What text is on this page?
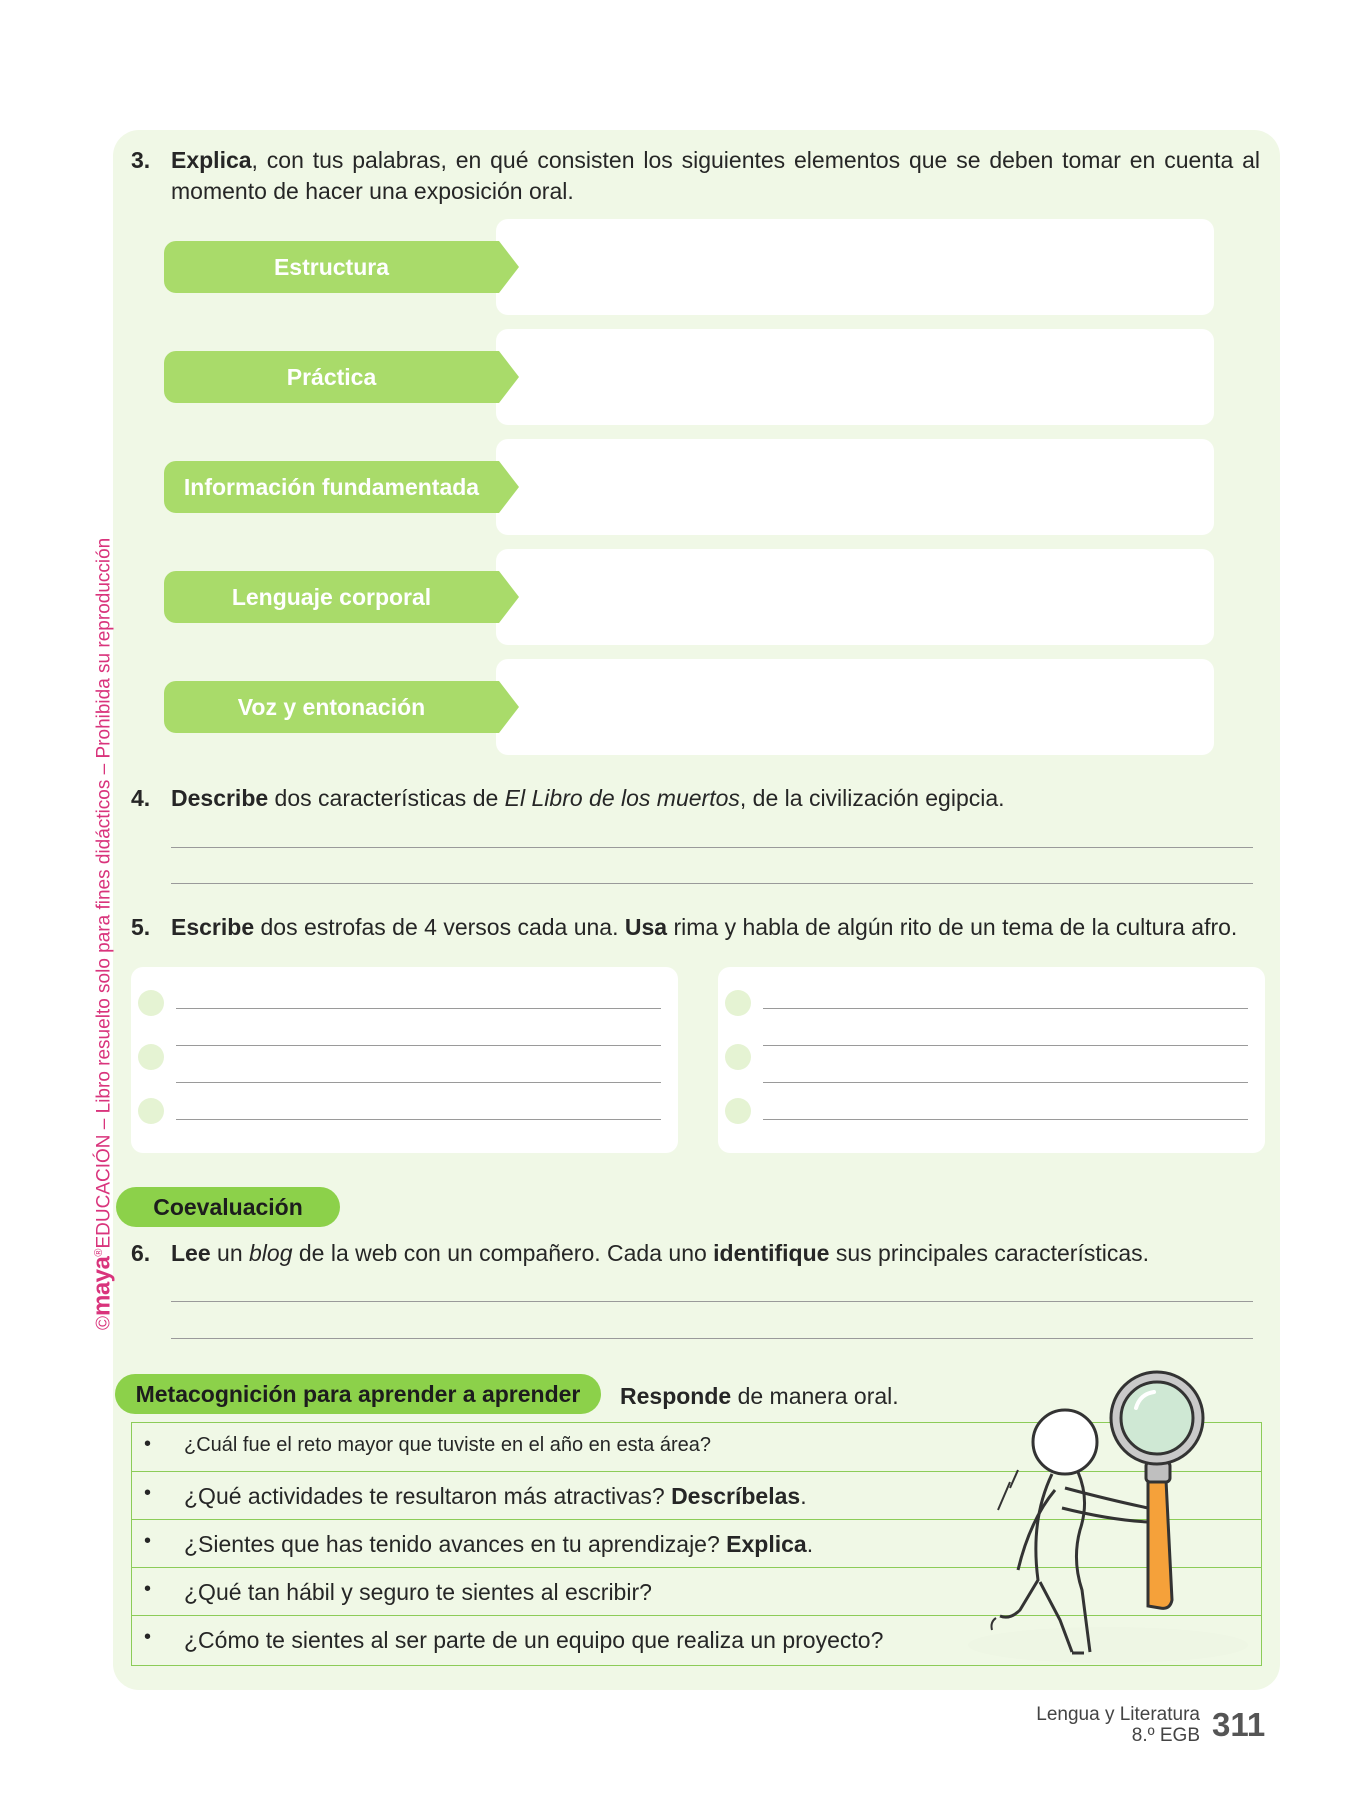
©maya®EDUCACIÓN – Libro resuelto solo para fines didácticos – Prohibida su reproducción
3. Explica, con tus palabras, en qué consisten los siguientes elementos que se deben tomar en cuenta al momento de hacer una exposición oral.
Estructura
Práctica
Información fundamentada
Lenguaje corporal
Voz y entonación
4. Describe dos características de El Libro de los muertos, de la civilización egipcia.
5. Escribe dos estrofas de 4 versos cada una. Usa rima y habla de algún rito de un tema de la cultura afro.
Coevaluación
6. Lee un blog de la web con un compañero. Cada uno identifique sus principales características.
Metacognición para aprender a aprender	Responde de manera oral.
• ¿Cuál fue el reto mayor que tuviste en el año en esta área?
• ¿Qué actividades te resultaron más atractivas? Descríbelas.
• ¿Sientes que has tenido avances en tu aprendizaje? Explica.
• ¿Qué tan hábil y seguro te sientes al escribir?
• ¿Cómo te sientes al ser parte de un equipo que realiza un proyecto?
Lengua y Literatura
8.º EGB 311
